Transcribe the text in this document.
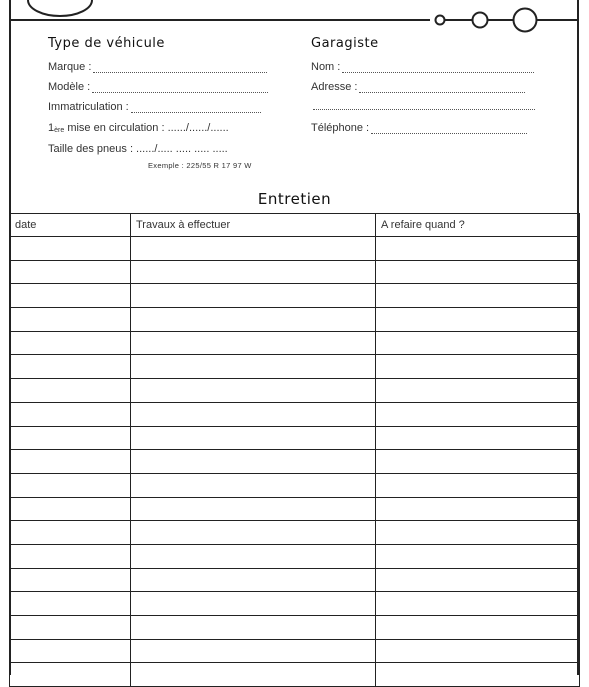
Type de véhicule
Marque :
Modèle :
Immatriculation :
1 ère
mise en circulation : ....../....../......
Taille des pneus : ....../..... ..... ..... .....
Exemple : 225/55 R 17 97 W
Garagiste
Nom :
Adresse :
Téléphone :
Entretien
date	Travaux à effectuer	A refaire quand ?
